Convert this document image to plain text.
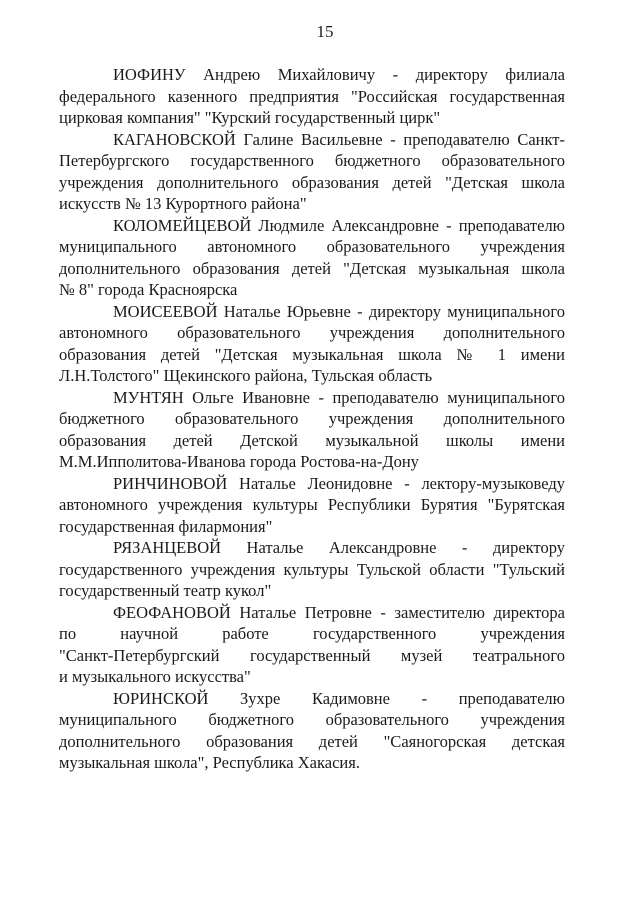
15
ИОФИНУ Андрею Михайловичу - директору филиала
федерального казенного предприятия "Российская государственная
цирковая компания" "Курский государственный цирк"
КАГАНОВСКОЙ Галине Васильевне - преподавателю Санкт-
Петербургского государственного бюджетного образовательного
учреждения дополнительного образования детей "Детская школа
искусств № 13 Курортного района"
КОЛОМЕЙЦЕВОЙ Людмиле Александровне - преподавателю
муниципального автономного образовательного учреждения
дополнительного образования детей "Детская музыкальная школа
№ 8" города Красноярска
МОИСЕЕВОЙ Наталье Юрьевне - директору муниципального
автономного образовательного учреждения дополнительного
образования детей "Детская музыкальная школа № 1 имени
Л.Н.Толстого" Щекинского района, Тульская область
МУНТЯН Ольге Ивановне - преподавателю муниципального
бюджетного образовательного учреждения дополнительного
образования детей Детской музыкальной школы имени
М.М.Ипполитова-Иванова города Ростова-на-Дону
РИНЧИНОВОЙ Наталье Леонидовне - лектору-музыковеду
автономного учреждения культуры Республики Бурятия "Бурятская
государственная филармония"
РЯЗАНЦЕВОЙ Наталье Александровне - директору
государственного учреждения культуры Тульской области "Тульский
государственный театр кукол"
ФЕОФАНОВОЙ Наталье Петровне - заместителю директора
по научной работе государственного учреждения
"Санкт-Петербургский государственный музей театрального
и музыкального искусства"
ЮРИНСКОЙ Зухре Кадимовне - преподавателю
муниципального бюджетного образовательного учреждения
дополнительного образования детей "Саяногорская детская
музыкальная школа", Республика Хакасия.
